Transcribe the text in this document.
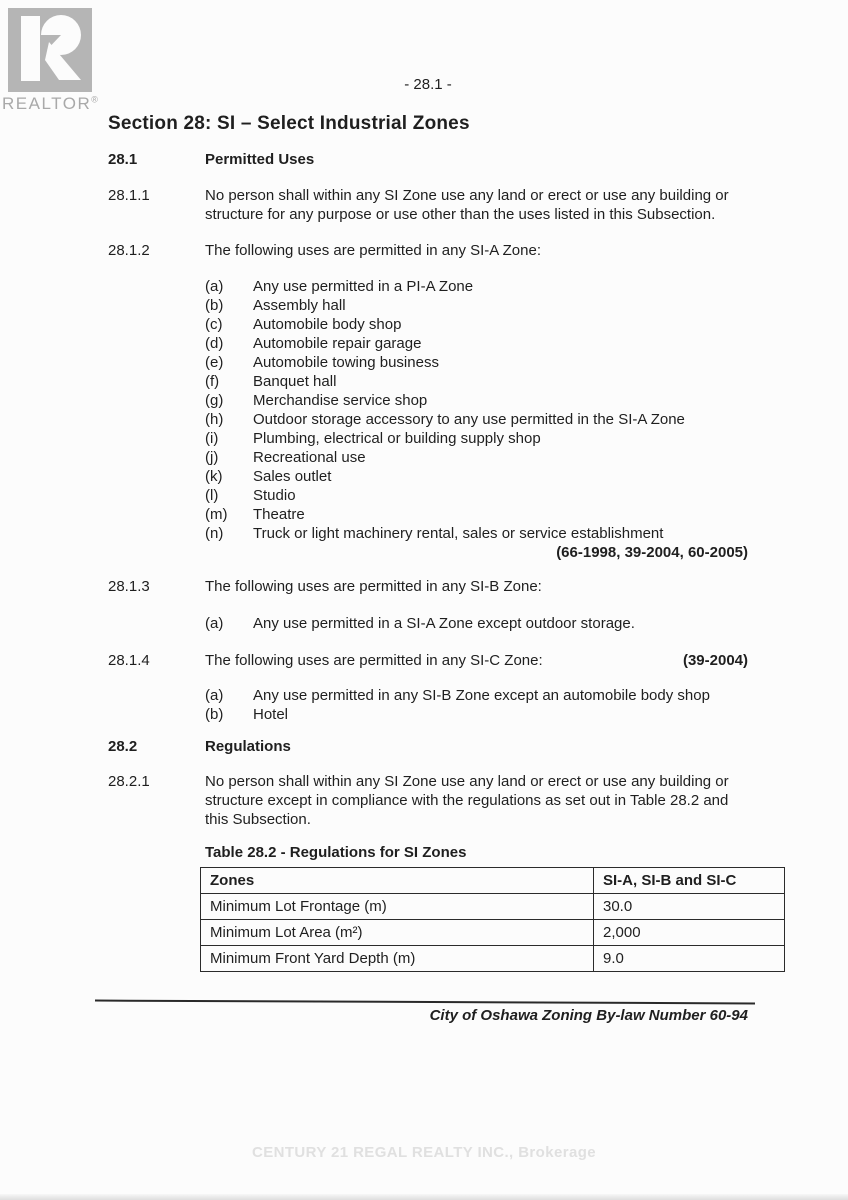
REALTOR®
- 28.1 -
Section 28: SI – Select Industrial Zones
28.1	Permitted Uses
28.1.1	No person shall within any SI Zone use any land or erect or use any building or structure for any purpose or use other than the uses listed in this Subsection.
28.1.2	The following uses are permitted in any SI-A Zone:
(a)	Any use permitted in a PI-A Zone
(b)	Assembly hall
(c)	Automobile body shop
(d)	Automobile repair garage
(e)	Automobile towing business
(f)	Banquet hall
(g)	Merchandise service shop
(h)	Outdoor storage accessory to any use permitted in the SI-A Zone
(i)	Plumbing, electrical or building supply shop
(j)	Recreational use
(k)	Sales outlet
(l)	Studio
(m)	Theatre
(n)	Truck or light machinery rental, sales or service establishment
(66-1998, 39-2004, 60-2005)
28.1.3	The following uses are permitted in any SI-B Zone:
(a)	Any use permitted in a SI-A Zone except outdoor storage.
28.1.4	The following uses are permitted in any SI-C Zone:	(39-2004)
(a)	Any use permitted in any SI-B Zone except an automobile body shop
(b)	Hotel
28.2	Regulations
28.2.1	No person shall within any SI Zone use any land or erect or use any building or structure except in compliance with the regulations as set out in Table 28.2 and this Subsection.
Table 28.2 - Regulations for SI Zones
Zones	SI-A, SI-B and SI-C
Minimum Lot Frontage (m)	30.0
Minimum Lot Area (m²)	2,000
Minimum Front Yard Depth (m)	9.0
City of Oshawa Zoning By-law Number 60-94
CENTURY 21 REGAL REALTY INC., Brokerage
